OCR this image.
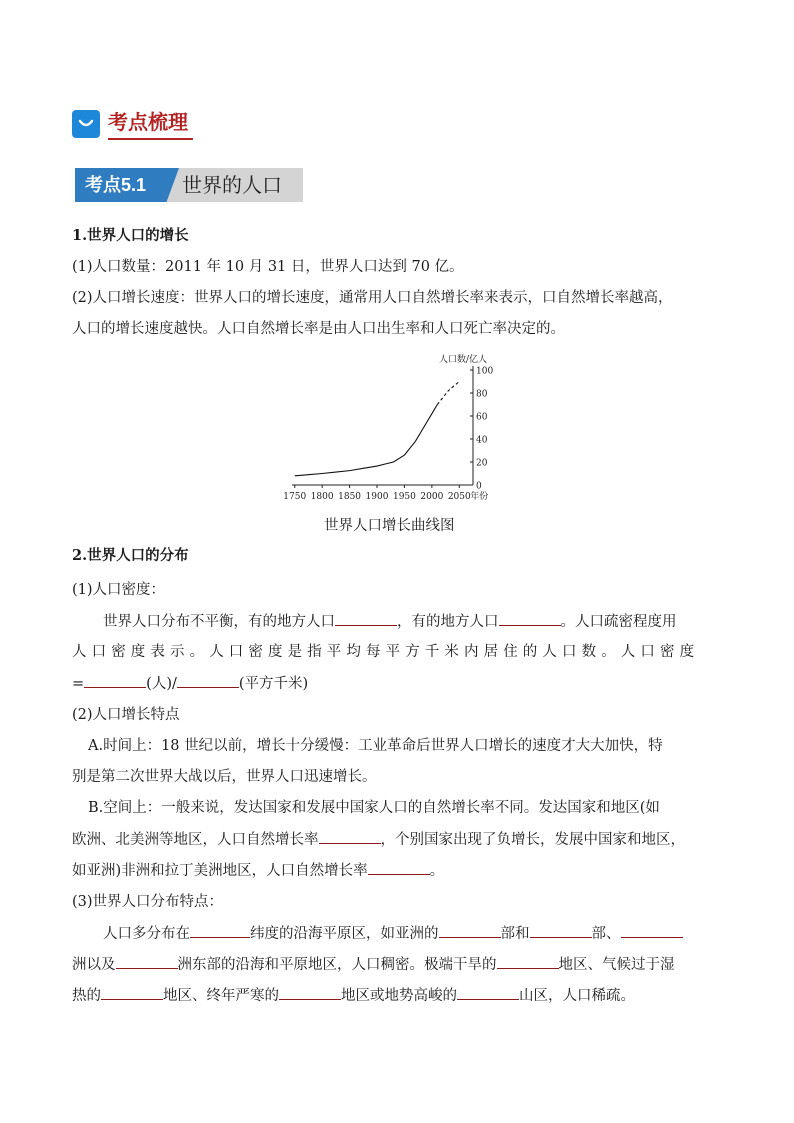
考点梳理
考点5.1 世界的人口
1.世界人口的增长
(1)人口数量：2011 年 10 月 31 日，世界人口达到 70 亿。
(2)人口增长速度：世界人口的增长速度，通常用人口自然增长率来表示，口自然增长率越高，
人口的增长速度越快。人口自然增长率是由人口出生率和人口死亡率决定的。
0
20
40
60
80
100
人口数/亿人
1750 1800 1850 1900 1950 2000 2050 年份
世界人口增长曲线图
2.世界人口的分布
(1)人口密度：
世界人口分布不平衡，有的地方人口	，有的地方人口	。人口疏密程度用
人口密度表示。人口密度是指平均每平方千米内居住的人口数。人口密度
=	(人)/	(平方千米)
(2)人口增长特点
A.时间上：18 世纪以前，增长十分缓慢：工业革命后世界人口增长的速度才大大加快，特
别是第二次世界大战以后，世界人口迅速增长。
B.空间上：一般来说，发达国家和发展中国家人口的自然增长率不同。发达国家和地区(如
欧洲、北美洲等地区，人口自然增长率	，个别国家出现了负增长，发展中国家和地区，
如亚洲)非洲和拉丁美洲地区，人口自然增长率	。
(3)世界人口分布特点：
人口多分布在	纬度的沿海平原区，如亚洲的	部和	部、
洲以及	洲东部的沿海和平原地区，人口稠密。极端干旱的	地区、气候过于湿
热的	地区、终年严寒的	地区或地势高峻的	山区，人口稀疏。
